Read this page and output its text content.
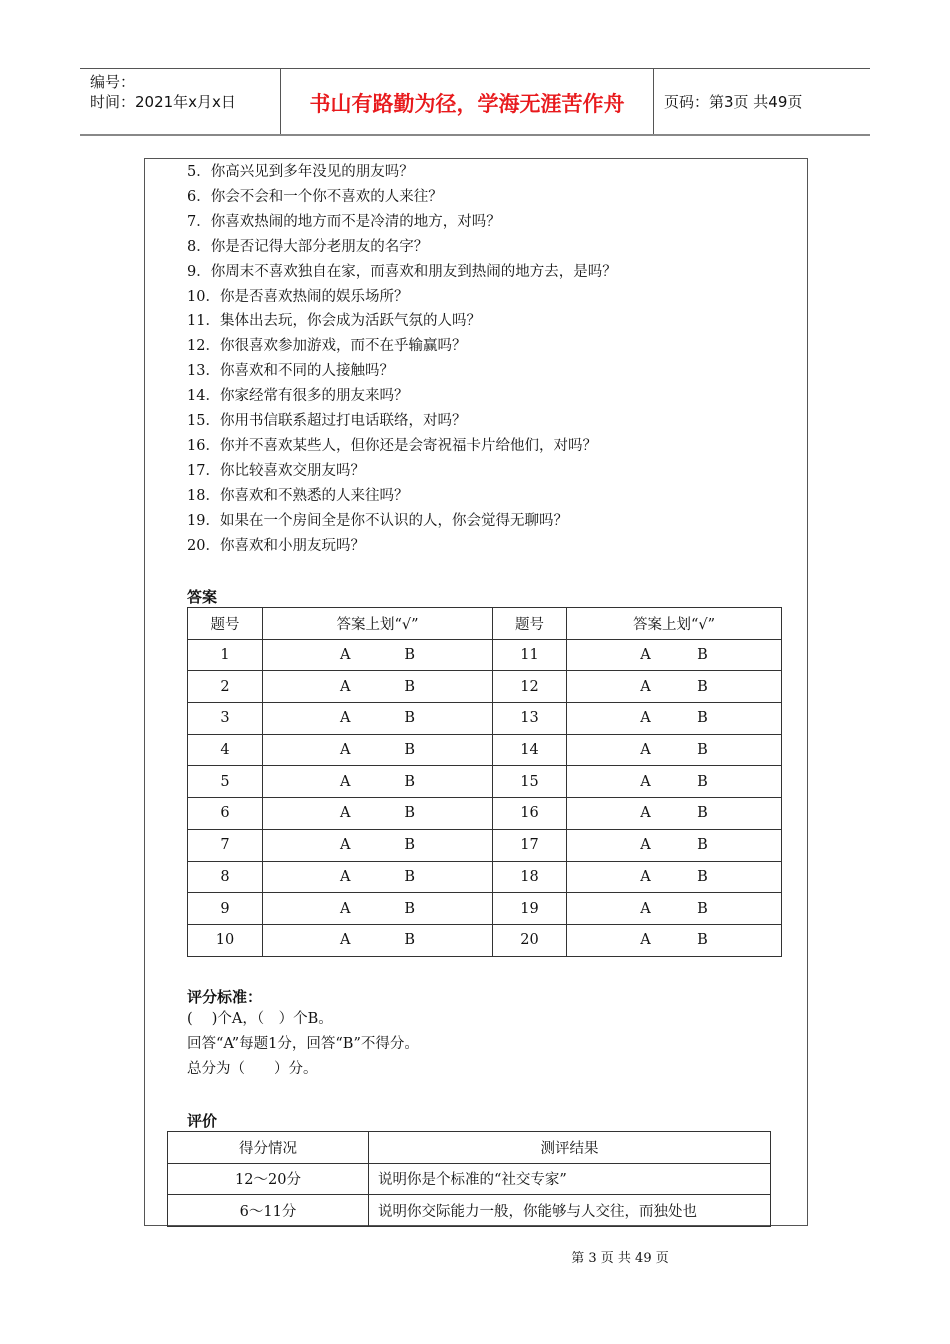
编号：
时间：2021年x月x日	书山有路勤为径，学海无涯苦作舟	页码：第3页 共49页
5．你高兴见到多年没见的朋友吗？
6．你会不会和一个你不喜欢的人来往？
7．你喜欢热闹的地方而不是冷清的地方，对吗？
8．你是否记得大部分老朋友的名字？
9．你周末不喜欢独自在家，而喜欢和朋友到热闹的地方去，是吗？
10．你是否喜欢热闹的娱乐场所？
11．集体出去玩，你会成为活跃气氛的人吗？
12．你很喜欢参加游戏，而不在乎输赢吗？
13．你喜欢和不同的人接触吗？
14．你家经常有很多的朋友来吗？
15．你用书信联系超过打电话联络，对吗？
16．你并不喜欢某些人，但你还是会寄祝福卡片给他们，对吗？
17．你比较喜欢交朋友吗？
18．你喜欢和不熟悉的人来往吗？
19．如果在一个房间全是你不认识的人，你会觉得无聊吗？
20．你喜欢和小朋友玩吗？
答案
题号	答案上划“√”	题号	答案上划“√”
1	A B	11	A B

2	A B	12	A B

3	A B	13	A B

4	A B	14	A B

5	A B	15	A B

6	A B	16	A B

7	A B	17	A B

8	A B	18	A B

9	A B	19	A B

10	A B	20	A B
评分标准：
(　 )个A，（　）个B。
回答“A”每题1分，回答“B”不得分。
总分为（　　）分。
评价
得分情况	测评结果
12～20分	说明你是个标准的“社交专家”
6～11分	说明你交际能力一般，你能够与人交往，而独处也
第 3 页 共 49 页
